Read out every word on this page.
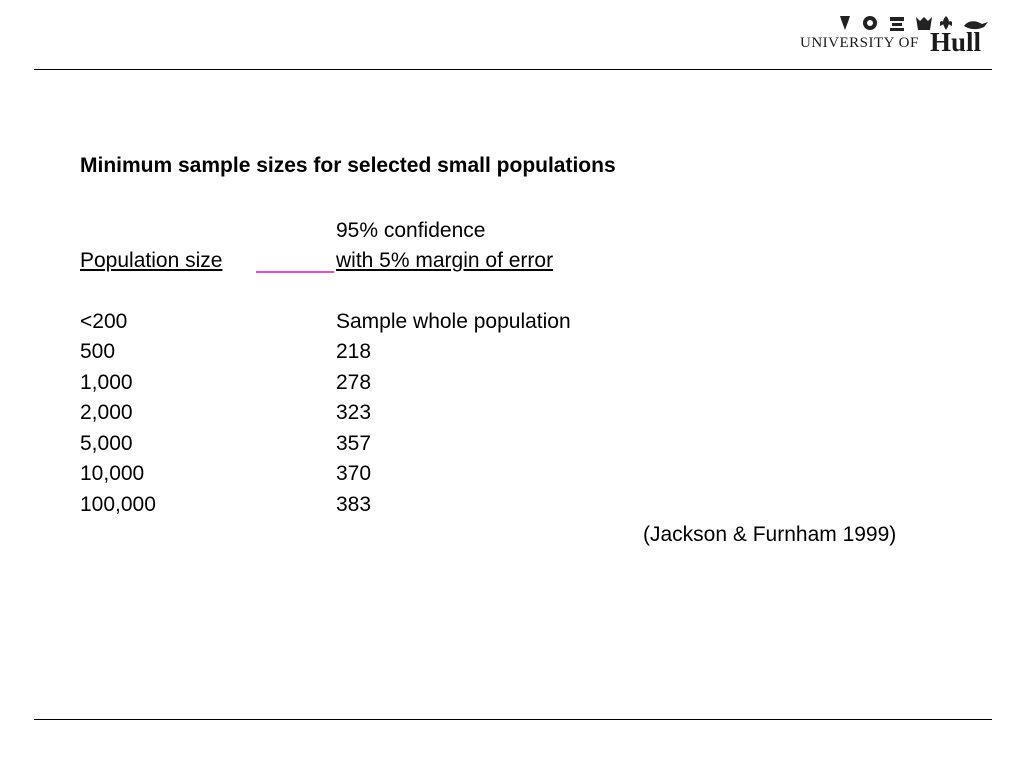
UNIVERSITY OF Hull
Minimum sample sizes for selected small populations
95% confidence
Population size	with 5% margin of error
<200	Sample whole population
500	218
1,000	278
2,000	323
5,000	357
10,000	370
100,000	383
(Jackson & Furnham 1999)
